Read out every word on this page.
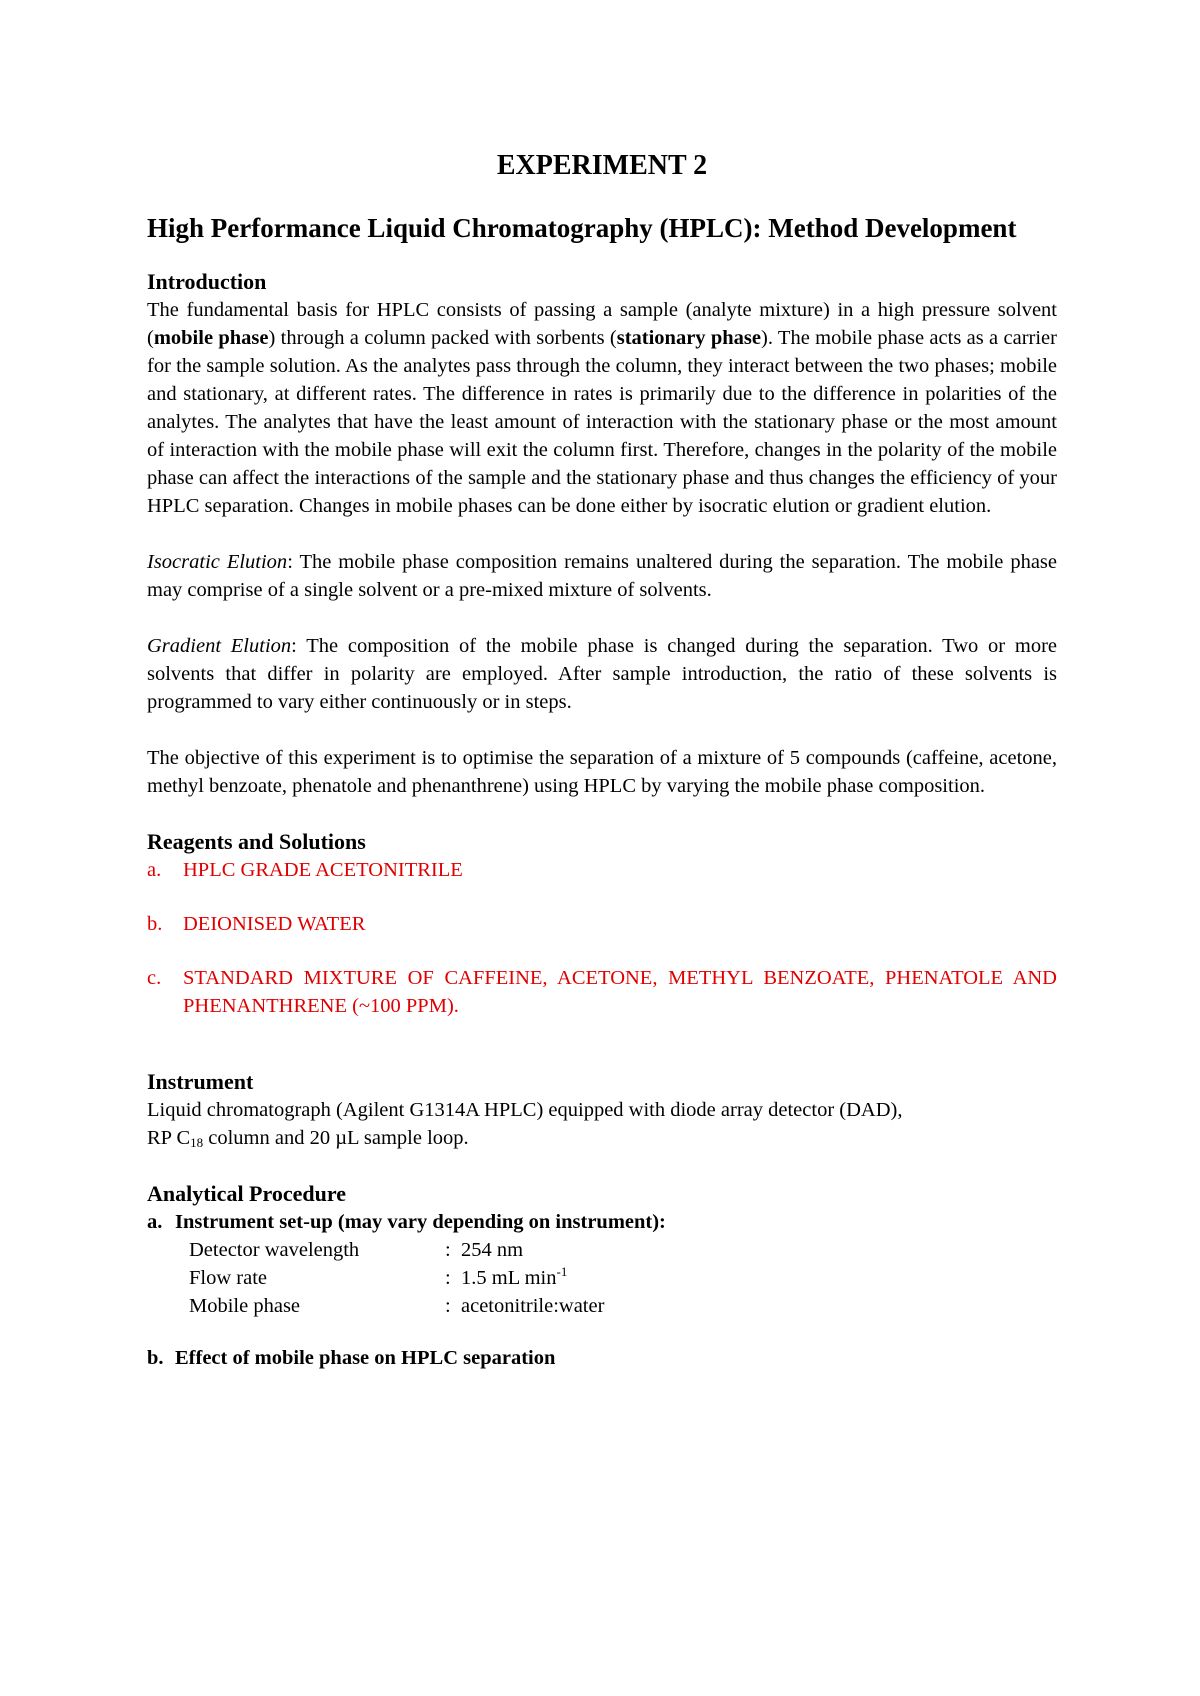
EXPERIMENT 2
High Performance Liquid Chromatography (HPLC): Method Development
Introduction

The fundamental basis for HPLC consists of passing a sample (analyte mixture) in a high pressure solvent (mobile phase) through a column packed with sorbents (stationary phase). The mobile phase acts as a carrier for the sample solution. As the analytes pass through the column, they interact between the two phases; mobile and stationary, at different rates. The difference in rates is primarily due to the difference in polarities of the analytes. The analytes that have the least amount of interaction with the stationary phase or the most amount of interaction with the mobile phase will exit the column first. Therefore, changes in the polarity of the mobile phase can affect the interactions of the sample and the stationary phase and thus changes the efficiency of your HPLC separation. Changes in mobile phases can be done either by isocratic elution or gradient elution.

Isocratic Elution: The mobile phase composition remains unaltered during the separation. The mobile phase may comprise of a single solvent or a pre-mixed mixture of solvents.

Gradient Elution: The composition of the mobile phase is changed during the separation. Two or more solvents that differ in polarity are employed. After sample introduction, the ratio of these solvents is programmed to vary either continuously or in steps.

The objective of this experiment is to optimise the separation of a mixture of 5 compounds (caffeine, acetone, methyl benzoate, phenatole and phenanthrene) using HPLC by varying the mobile phase composition.

Reagents and Solutions
a.	HPLC GRADE ACETONITRILE
b.	DEIONISED WATER
c.	STANDARD MIXTURE OF CAFFEINE, ACETONE, METHYL BENZOATE, PHENATOLE AND PHENANTHRENE (~100 PPM).
Instrument

Liquid chromatograph (Agilent G1314A HPLC) equipped with diode array detector (DAD),

RP $C_{18}$ column and 20 µL sample loop.

Analytical Procedure
a. Instrument set-up (may vary depending on instrument):
Detector wavelength	: 254 nm
Flow rate	: 1.5 mL $\min^{-1}$
Mobile phase	: acetonitrile:water
b. Effect of mobile phase on HPLC separation
